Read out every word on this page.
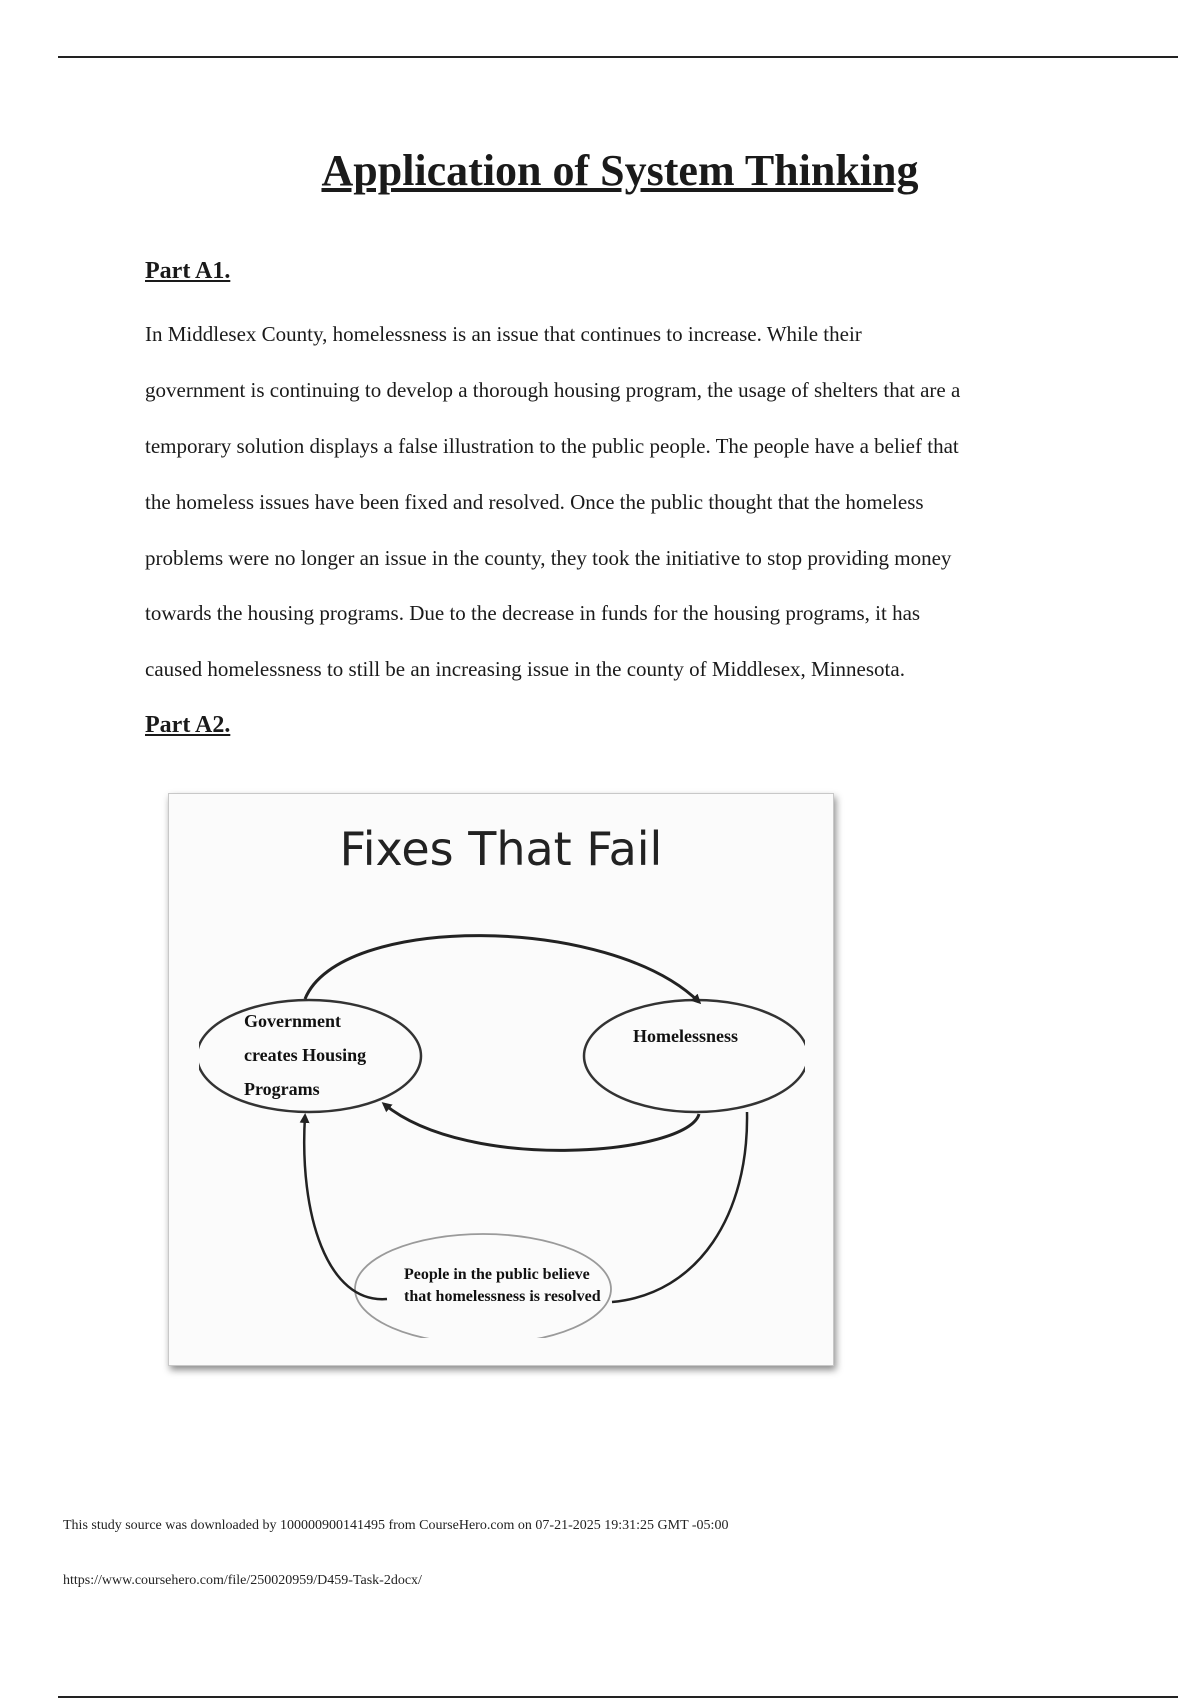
Application of System Thinking
Part A1.

In Middlesex County, homelessness is an issue that continues to increase. While their

government is continuing to develop a thorough housing program, the usage of shelters that are a

temporary solution displays a false illustration to the public people. The people have a belief that

the homeless issues have been fixed and resolved. Once the public thought that the homeless

problems were no longer an issue in the county, they took the initiative to stop providing money

towards the housing programs. Due to the decrease in funds for the housing programs, it has

caused homelessness to still be an increasing issue in the county of Middlesex, Minnesota.

Part A2.

Fixes That Fail

Government
creates Housing
Programs

Homelessness

People in the public believe
that homelessness is resolved

This study source was downloaded by 100000900141495 from CourseHero.com on 07-21-2025 19:31:25 GMT -05:00

https://www.coursehero.com/file/250020959/D459-Task-2docx/
